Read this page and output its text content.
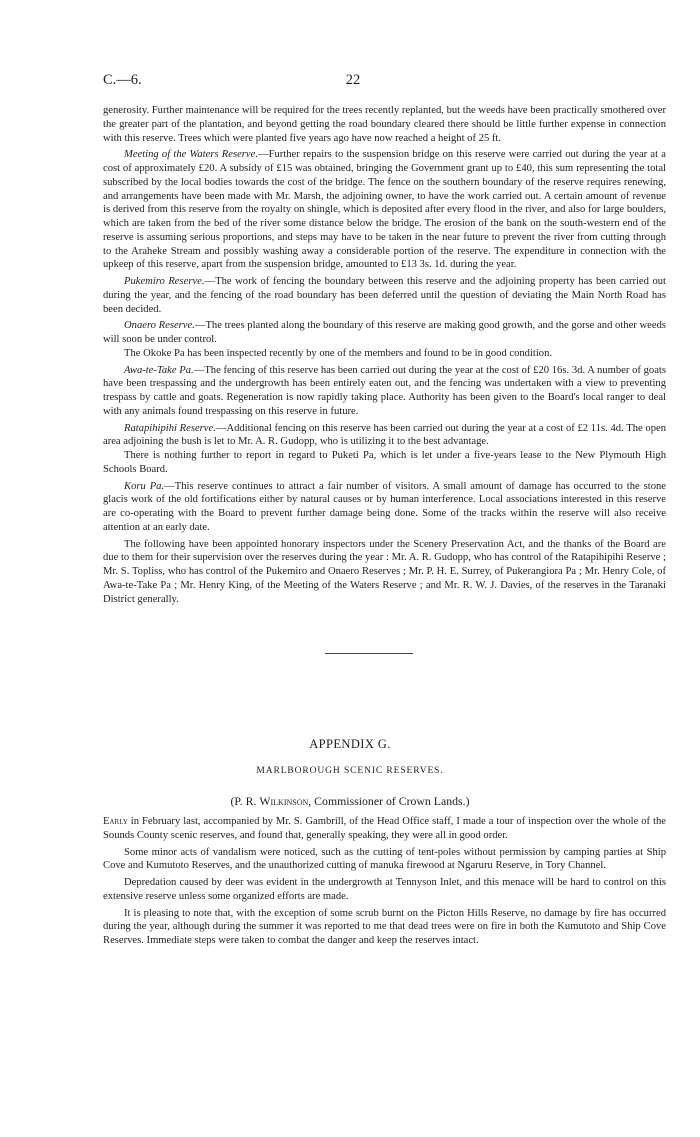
C.—6.	22

generosity. Further maintenance will be required for the trees recently replanted, but the weeds have been practically smothered over the greater part of the plantation, and beyond getting the road boundary cleared there should be little further expense in connection with this reserve. Trees which were planted five years ago have now reached a height of 25 ft.

Meeting of the Waters Reserve.—Further repairs to the suspension bridge on this reserve were carried out during the year at a cost of approximately £20. A subsidy of £15 was obtained, bringing the Government grant up to £40, this sum representing the total subscribed by the local bodies towards the cost of the bridge. The fence on the southern boundary of the reserve requires renewing, and arrangements have been made with Mr. Marsh, the adjoining owner, to have the work carried out. A certain amount of revenue is derived from this reserve from the royalty on shingle, which is deposited after every flood in the river, and also for large boulders, which are taken from the bed of the river some distance below the bridge. The erosion of the bank on the south-western end of the reserve is assuming serious proportions, and steps may have to be taken in the near future to prevent the river from cutting through to the Araheke Stream and possibly washing away a considerable portion of the reserve. The expenditure in connection with the upkeep of this reserve, apart from the suspension bridge, amounted to £13 3s. 1d. during the year.

Pukemiro Reserve.—The work of fencing the boundary between this reserve and the adjoining property has been carried out during the year, and the fencing of the road boundary has been deferred until the question of deviating the Main North Road has been decided.

Onaero Reserve.—The trees planted along the boundary of this reserve are making good growth, and the gorse and other weeds will soon be under control.

The Okoke Pa has been inspected recently by one of the members and found to be in good condition.

Awa-te-Take Pa.—The fencing of this reserve has been carried out during the year at the cost of £20 16s. 3d. A number of goats have been trespassing and the undergrowth has been entirely eaten out, and the fencing was undertaken with a view to preventing trespass by cattle and goats. Regeneration is now rapidly taking place. Authority has been given to the Board's local ranger to deal with any animals found trespassing on this reserve in future.

Ratapihipihi Reserve.—Additional fencing on this reserve has been carried out during the year at a cost of £2 11s. 4d. The open area adjoining the bush is let to Mr. A. R. Gudopp, who is utilizing it to the best advantage.

There is nothing further to report in regard to Puketi Pa, which is let under a five-years lease to the New Plymouth High Schools Board.

Koru Pa.—This reserve continues to attract a fair number of visitors. A small amount of damage has occurred to the stone glacis work of the old fortifications either by natural causes or by human interference. Local associations interested in this reserve are co-operating with the Board to prevent further damage being done. Some of the tracks within the reserve will also receive attention at an early date.

The following have been appointed honorary inspectors under the Scenery Preservation Act, and the thanks of the Board are due to them for their supervision over the reserves during the year : Mr. A. R. Gudopp, who has control of the Ratapihipihi Reserve ; Mr. S. Topliss, who has control of the Pukemiro and Onaero Reserves ; Mr. P. H. E. Surrey, of Pukerangiora Pa ; Mr. Henry Cole, of Awa-te-Take Pa ; Mr. Henry King, of the Meeting of the Waters Reserve ; and Mr. R. W. J. Davies, of the reserves in the Taranaki District generally.

APPENDIX G.
MARLBOROUGH SCENIC RESERVES.
(P. R. Wilkinson, Commissioner of Crown Lands.)

Early in February last, accompanied by Mr. S. Gambrill, of the Head Office staff, I made a tour of inspection over the whole of the Sounds County scenic reserves, and found that, generally speaking, they were all in good order.

Some minor acts of vandalism were noticed, such as the cutting of tent-poles without permission by camping parties at Ship Cove and Kumutoto Reserves, and the unauthorized cutting of manuka firewood at Ngaruru Reserve, in Tory Channel.

Depredation caused by deer was evident in the undergrowth at Tennyson Inlet, and this menace will be hard to control on this extensive reserve unless some organized efforts are made.

It is pleasing to note that, with the exception of some scrub burnt on the Picton Hills Reserve, no damage by fire has occurred during the year, although during the summer it was reported to me that dead trees were on fire in both the Kumutoto and Ship Cove Reserves. Immediate steps were taken to combat the danger and keep the reserves intact.
